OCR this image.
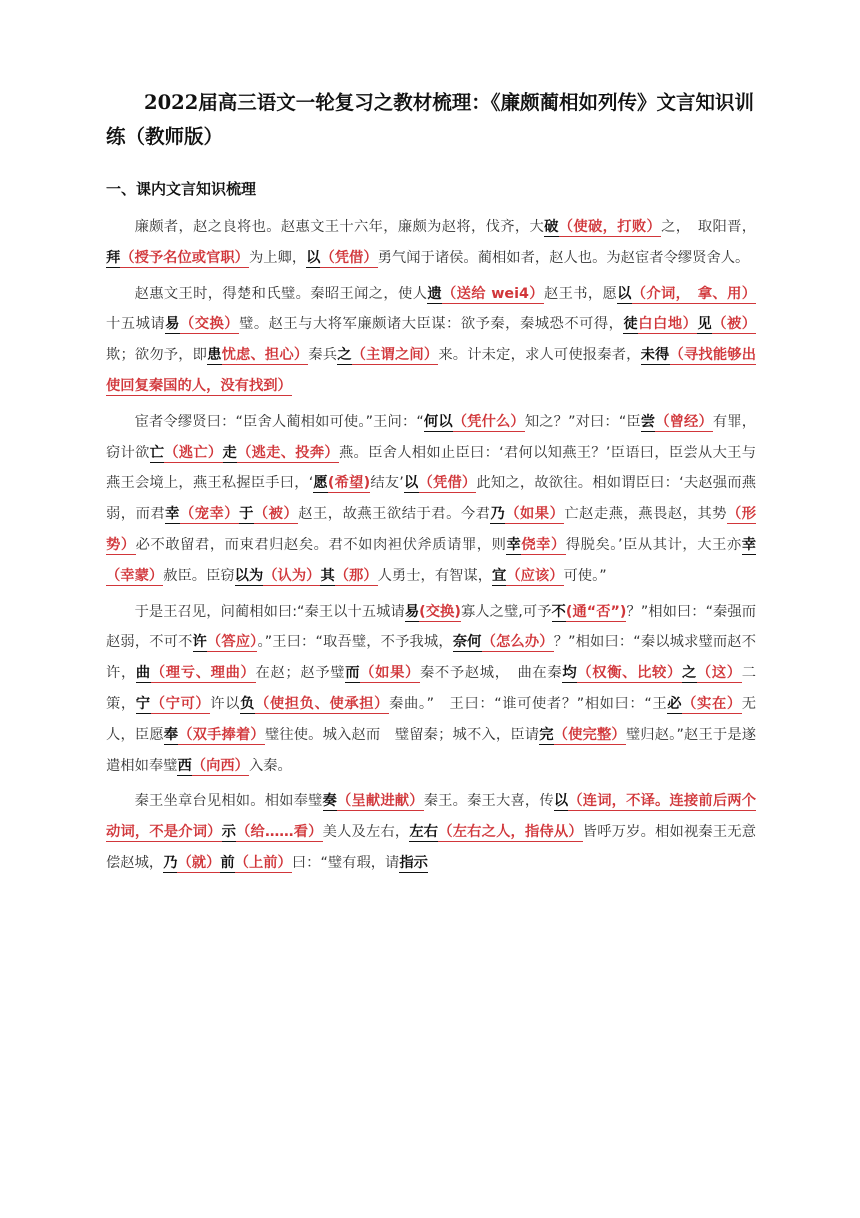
2022届高三语文一轮复习之教材梳理：《廉颇蔺相如列传》文言知识训练（教师版）
一、课内文言知识梳理

廉颇者，赵之良将也。赵惠文王十六年，廉颇为赵将，伐齐，大破（使破，打败）之，　取阳晋，拜（授予名位或官职）为上卿，以（凭借）勇气闻于诸侯。蔺相如者，赵人也。为赵宦者令缪贤舍人。

赵惠文王时，得楚和氏璧。秦昭王闻之，使人遗（送给 wei4）赵王书，愿以（介词，　拿、用）十五城请易（交换）璧。赵王与大将军廉颇诸大臣谋：欲予秦，秦城恐不可得，徒白白地）见（被）欺；欲勿予，即患忧虑、担心）秦兵之（主谓之间）来。计未定，求人可使报秦者，未得（寻找能够出使回复秦国的人，没有找到）

宦者令缪贤曰：“臣舍人蔺相如可使。”王问：“何以（凭什么）知之？”对曰：“臣尝（曾经）有罪，窃计欲亡（逃亡）走（逃走、投奔）燕。臣舍人相如止臣曰：‘君何以知燕王？’臣语曰，臣尝从大王与燕王会境上，燕王私握臣手曰，‘愿(希望)结友’以（凭借）此知之，故欲往。相如谓臣曰：‘夫赵强而燕弱，而君幸（宠幸）于（被）赵王，故燕王欲结于君。今君乃（如果）亡赵走燕，燕畏赵，其势（形势）必不敢留君，而束君归赵矣。君不如肉袒伏斧质请罪，则幸侥幸）得脱矣。’臣从其计，大王亦幸（幸蒙）赦臣。臣窃以为（认为）其（那）人勇士，有智谋，宜（应该）可使。”

于是王召见，问蔺相如曰:“秦王以十五城请易(交换)寡人之璧,可予不(通“否”)？”相如曰：“秦强而赵弱，不可不许（答应）。”王曰：“取吾璧，不予我城，奈何（怎么办）？”相如曰：“秦以城求璧而赵不许，曲（理亏、理曲）在赵；赵予璧而（如果）秦不予赵城，　曲在秦均（权衡、比较）之（这）二策，宁（宁可）许以负（使担负、使承担）秦曲。”　王曰：“谁可使者？”相如曰：“王必（实在）无人，臣愿奉（双手捧着）璧往使。城入赵而　璧留秦；城不入，臣请完（使完整）璧归赵。”赵王于是遂遣相如奉璧西（向西）入秦。

秦王坐章台见相如。相如奉璧奏（呈献进献）秦王。秦王大喜，传以（连词，不译。连接前后两个动词，不是介词）示（给……看）美人及左右，左右（左右之人，指侍从）皆呼万岁。相如视秦王无意偿赵城，乃（就）前（上前）曰：“璧有瑕，请指示
